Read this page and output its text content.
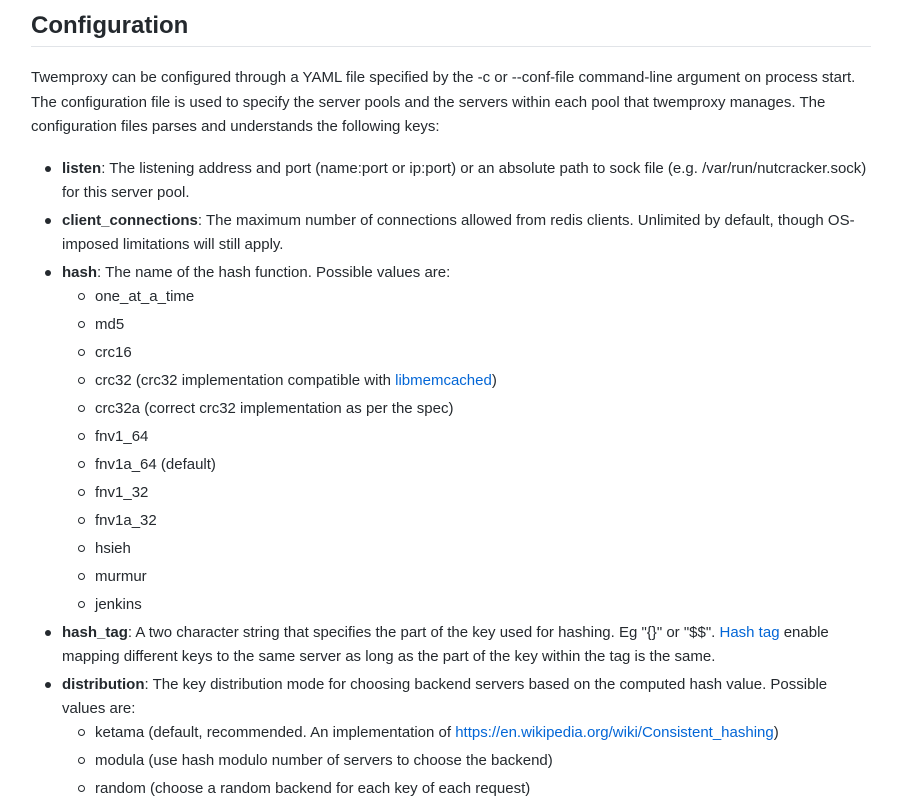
Configuration

Twemproxy can be configured through a YAML file specified by the -c or --conf-file command-line argument on process start. The configuration file is used to specify the server pools and the servers within each pool that twemproxy manages. The configuration files parses and understands the following keys:

listen: The listening address and port (name:port or ip:port) or an absolute path to sock file (e.g. /var/run/nutcracker.sock) for this server pool.
client_connections: The maximum number of connections allowed from redis clients. Unlimited by default, though OS-imposed limitations will still apply.
hash: The name of the hash function. Possible values are:
one_at_a_time
md5
crc16
crc32 (crc32 implementation compatible with libmemcached)
crc32a (correct crc32 implementation as per the spec)
fnv1_64
fnv1a_64 (default)
fnv1_32
fnv1a_32
hsieh
murmur
jenkins
hash_tag: A two character string that specifies the part of the key used for hashing. Eg "{}" or "$$". Hash tag enable mapping different keys to the same server as long as the part of the key within the tag is the same.
distribution: The key distribution mode for choosing backend servers based on the computed hash value. Possible values are:
ketama (default, recommended. An implementation of https://en.wikipedia.org/wiki/Consistent_hashing)
modula (use hash modulo number of servers to choose the backend)
random (choose a random backend for each key of each request)
